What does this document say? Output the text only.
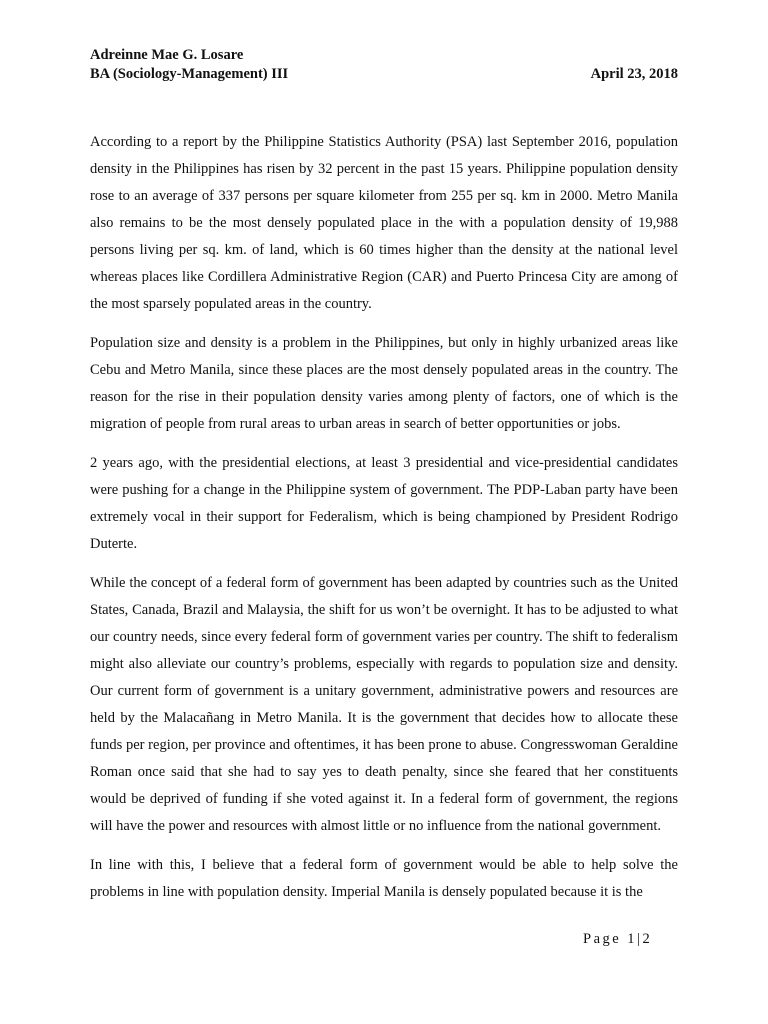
Adreinne Mae G. Losare
BA (Sociology-Management) III	April 23, 2018

According to a report by the Philippine Statistics Authority (PSA) last September 2016, population density in the Philippines has risen by 32 percent in the past 15 years. Philippine population density rose to an average of 337 persons per square kilometer from 255 per sq. km in 2000. Metro Manila also remains to be the most densely populated place in the with a population density of 19,988 persons living per sq. km. of land, which is 60 times higher than the density at the national level whereas places like Cordillera Administrative Region (CAR) and Puerto Princesa City are among of the most sparsely populated areas in the country.

Population size and density is a problem in the Philippines, but only in highly urbanized areas like Cebu and Metro Manila, since these places are the most densely populated areas in the country. The reason for the rise in their population density varies among plenty of factors, one of which is the migration of people from rural areas to urban areas in search of better opportunities or jobs.

2 years ago, with the presidential elections, at least 3 presidential and vice-presidential candidates were pushing for a change in the Philippine system of government. The PDP-Laban party have been extremely vocal in their support for Federalism, which is being championed by President Rodrigo Duterte.

While the concept of a federal form of government has been adapted by countries such as the United States, Canada, Brazil and Malaysia, the shift for us won’t be overnight. It has to be adjusted to what our country needs, since every federal form of government varies per country. The shift to federalism might also alleviate our country’s problems, especially with regards to population size and density. Our current form of government is a unitary government, administrative powers and resources are held by the Malacañang in Metro Manila. It is the government that decides how to allocate these funds per region, per province and oftentimes, it has been prone to abuse. Congresswoman Geraldine Roman once said that she had to say yes to death penalty, since she feared that her constituents would be deprived of funding if she voted against it. In a federal form of government, the regions will have the power and resources with almost little or no influence from the national government.

In line with this, I believe that a federal form of government would be able to help solve the problems in line with population density. Imperial Manila is densely populated because it is the

Page 1|2
